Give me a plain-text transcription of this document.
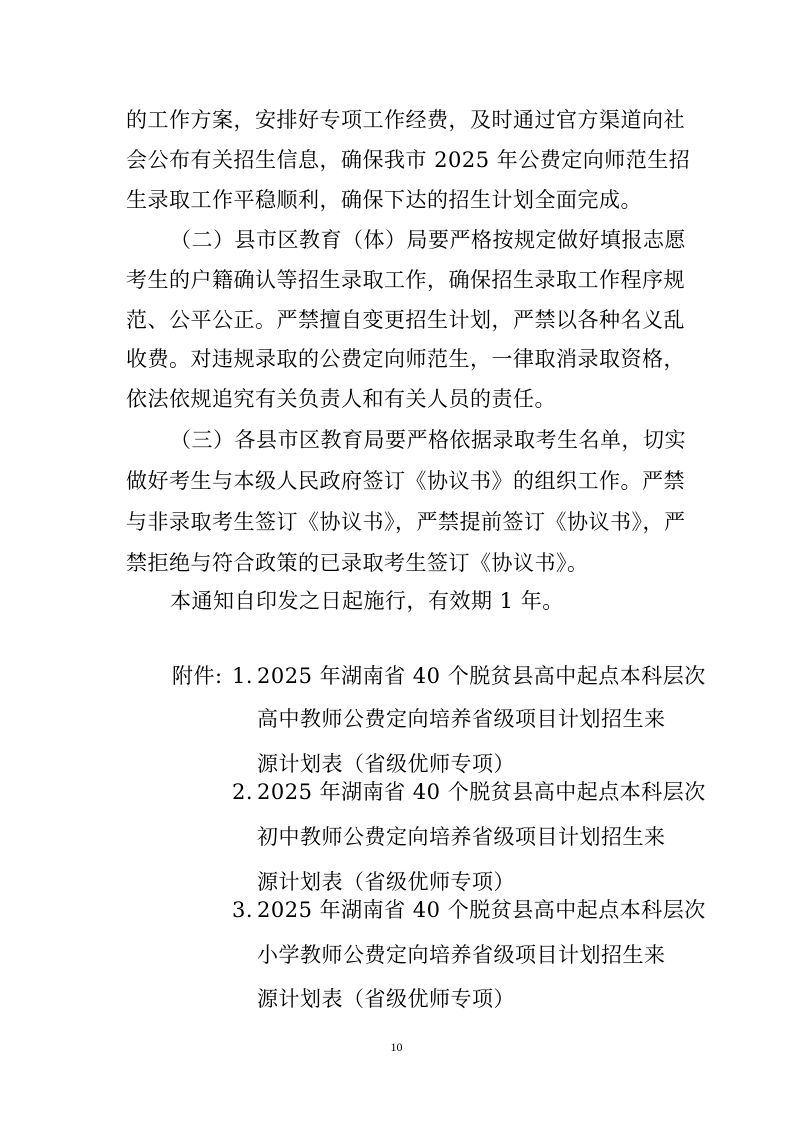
的工作方案，安排好专项工作经费，及时通过官方渠道向社
会公布有关招生信息，确保我市 2025 年公费定向师范生招
生录取工作平稳顺利，确保下达的招生计划全面完成。
（二）县市区教育（体）局要严格按规定做好填报志愿
考生的户籍确认等招生录取工作，确保招生录取工作程序规
范、公平公正。严禁擅自变更招生计划，严禁以各种名义乱
收费。对违规录取的公费定向师范生，一律取消录取资格，
依法依规追究有关负责人和有关人员的责任。
（三）各县市区教育局要严格依据录取考生名单，切实
做好考生与本级人民政府签订《协议书》的组织工作。严禁
与非录取考生签订《协议书》，严禁提前签订《协议书》，严
禁拒绝与符合政策的已录取考生签订《协议书》。
本通知自印发之日起施行，有效期 1 年。
附件: 1. 2025 年湖南省 40 个脱贫县高中起点本科层次
高中教师公费定向培养省级项目计划招生来
源计划表（省级优师专项）
2. 2025 年湖南省 40 个脱贫县高中起点本科层次
初中教师公费定向培养省级项目计划招生来
源计划表（省级优师专项）
3. 2025 年湖南省 40 个脱贫县高中起点本科层次
小学教师公费定向培养省级项目计划招生来
源计划表（省级优师专项）
10
